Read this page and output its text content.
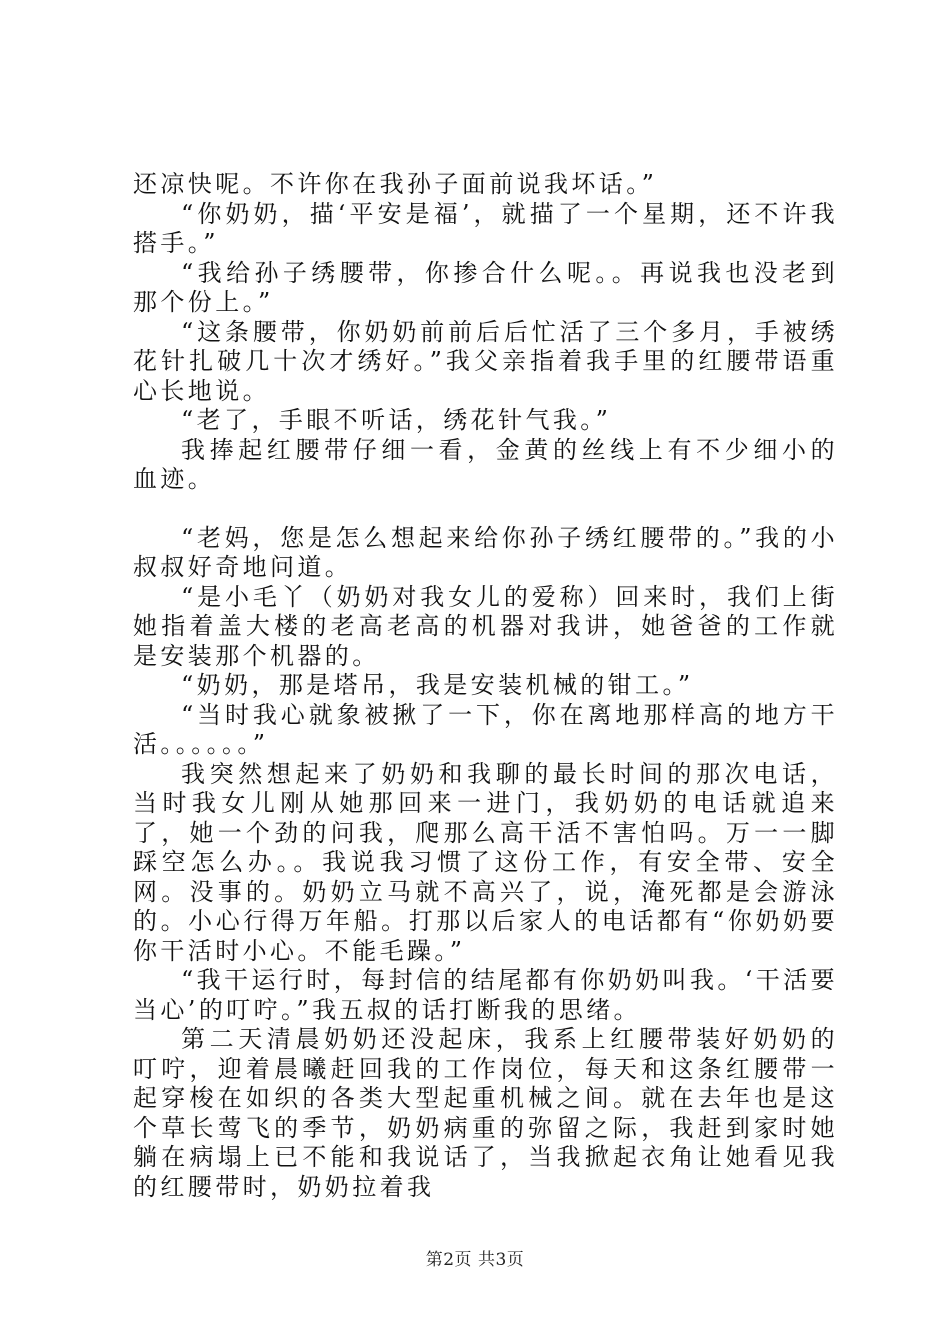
还凉快呢。不许你在我孙子面前说我坏话。”

“你奶奶，描‘平安是福’，就描了一个星期，还不许我搭手。”

“我给孙子绣腰带，你掺合什么呢。。再说我也没老到那个份上。”

“这条腰带，你奶奶前前后后忙活了三个多月，手被绣花针扎破几十次才绣好。”我父亲指着我手里的红腰带语重心长地说。

“老了，手眼不听话，绣花针气我。”

我捧起红腰带仔细一看，金黄的丝线上有不少细小的血迹。

“老妈，您是怎么想起来给你孙子绣红腰带的。”我的小叔叔好奇地问道。

“是小毛丫（奶奶对我女儿的爱称）回来时，我们上街她指着盖大楼的老高老高的机器对我讲，她爸爸的工作就是安装那个机器的。

“奶奶，那是塔吊，我是安装机械的钳工。”

“当时我心就象被揪了一下，你在离地那样高的地方干活。。。。。。”

我突然想起来了奶奶和我聊的最长时间的那次电话，当时我女儿刚从她那回来一进门，我奶奶的电话就追来了，她一个劲的问我，爬那么高干活不害怕吗。万一一脚踩空怎么办。。我说我习惯了这份工作，有安全带、安全网。没事的。奶奶立马就不高兴了，说，淹死都是会游泳的。小心行得万年船。打那以后家人的电话都有“你奶奶要你干活时小心。不能毛躁。”

“我干运行时，每封信的结尾都有你奶奶叫我。‘干活要当心’的叮咛。”我五叔的话打断我的思绪。

第二天清晨奶奶还没起床，我系上红腰带装好奶奶的叮咛，迎着晨曦赶回我的工作岗位，每天和这条红腰带一起穿梭在如织的各类大型起重机械之间。就在去年也是这个草长莺飞的季节，奶奶病重的弥留之际，我赶到家时她躺在病塌上已不能和我说话了，当我掀起衣角让她看见我的红腰带时，奶奶拉着我

第2页 共3页
